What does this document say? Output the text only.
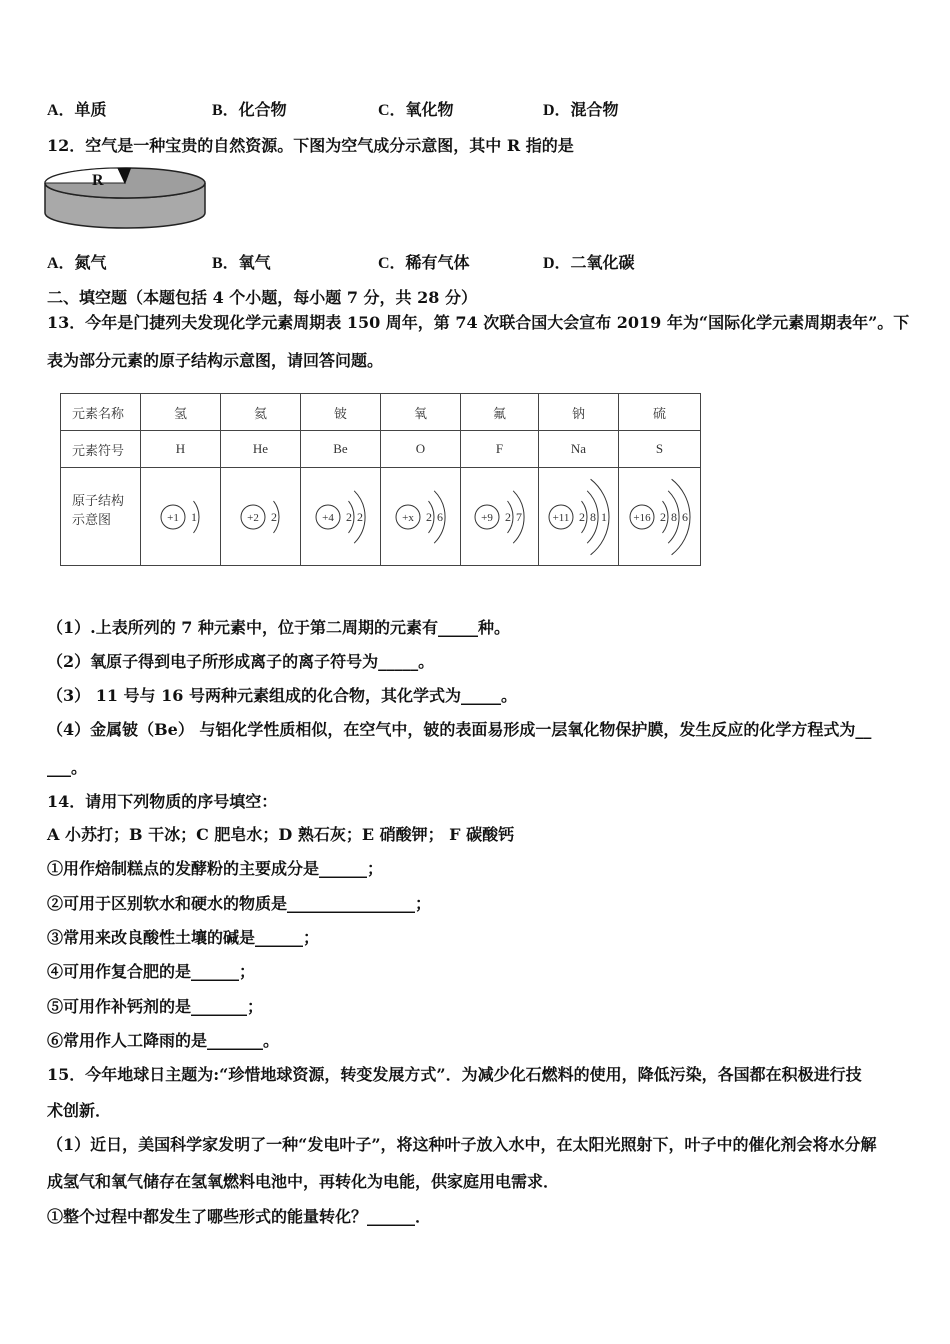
A．单质	B．化合物	C．氧化物	D．混合物
12．空气是一种宝贵的自然资源。下图为空气成分示意图，其中 R 指的是
R
A．氮气	B．氧气	C．稀有气体	D．二氧化碳
二、填空题（本题包括 4 个小题，每小题 7 分，共 28 分）
13．今年是门捷列夫发现化学元素周期表 150 周年，第 74 次联合国大会宣布 2019 年为“国际化学元素周期表年”。下
表为部分元素的原子结构示意图，请回答问题。
元素名称	氢	氦	铍	氧	氟	钠	硫
元素符号	H	He	Be	O	F	Na	S

原子结构
示意图	+1 1	+2 2	+4 2 2	+x 2 6	+9 2 7	+11 2 8 1	+16 2 8 6
（1）.上表所列的 7 种元素中，位于第二周期的元素有_____种。
（2）氧原子得到电子所形成离子的离子符号为_____。
（3） 11 号与 16 号两种元素组成的化合物，其化学式为_____。
（4）金属铍（Be） 与铝化学性质相似，在空气中，铍的表面易形成一层氧化物保护膜，发生反应的化学方程式为__
___。
14．请用下列物质的序号填空：
A 小苏打；B 干冰；C 肥皂水；D 熟石灰；E 硝酸钾； F 碳酸钙
①用作焙制糕点的发酵粉的主要成分是______；
②可用于区别软水和硬水的物质是________________；
③常用来改良酸性土壤的碱是______；
④可用作复合肥的是______；
⑤可用作补钙剂的是_______；
⑥常用作人工降雨的是_______。
15．今年地球日主题为:“珍惜地球资源，转变发展方式”．为减少化石燃料的使用，降低污染，各国都在积极进行技
术创新．
（1）近日，美国科学家发明了一种“发电叶子”，将这种叶子放入水中，在太阳光照射下，叶子中的催化剂会将水分解
成氢气和氧气储存在氢氧燃料电池中，再转化为电能，供家庭用电需求．
①整个过程中都发生了哪些形式的能量转化？______．
